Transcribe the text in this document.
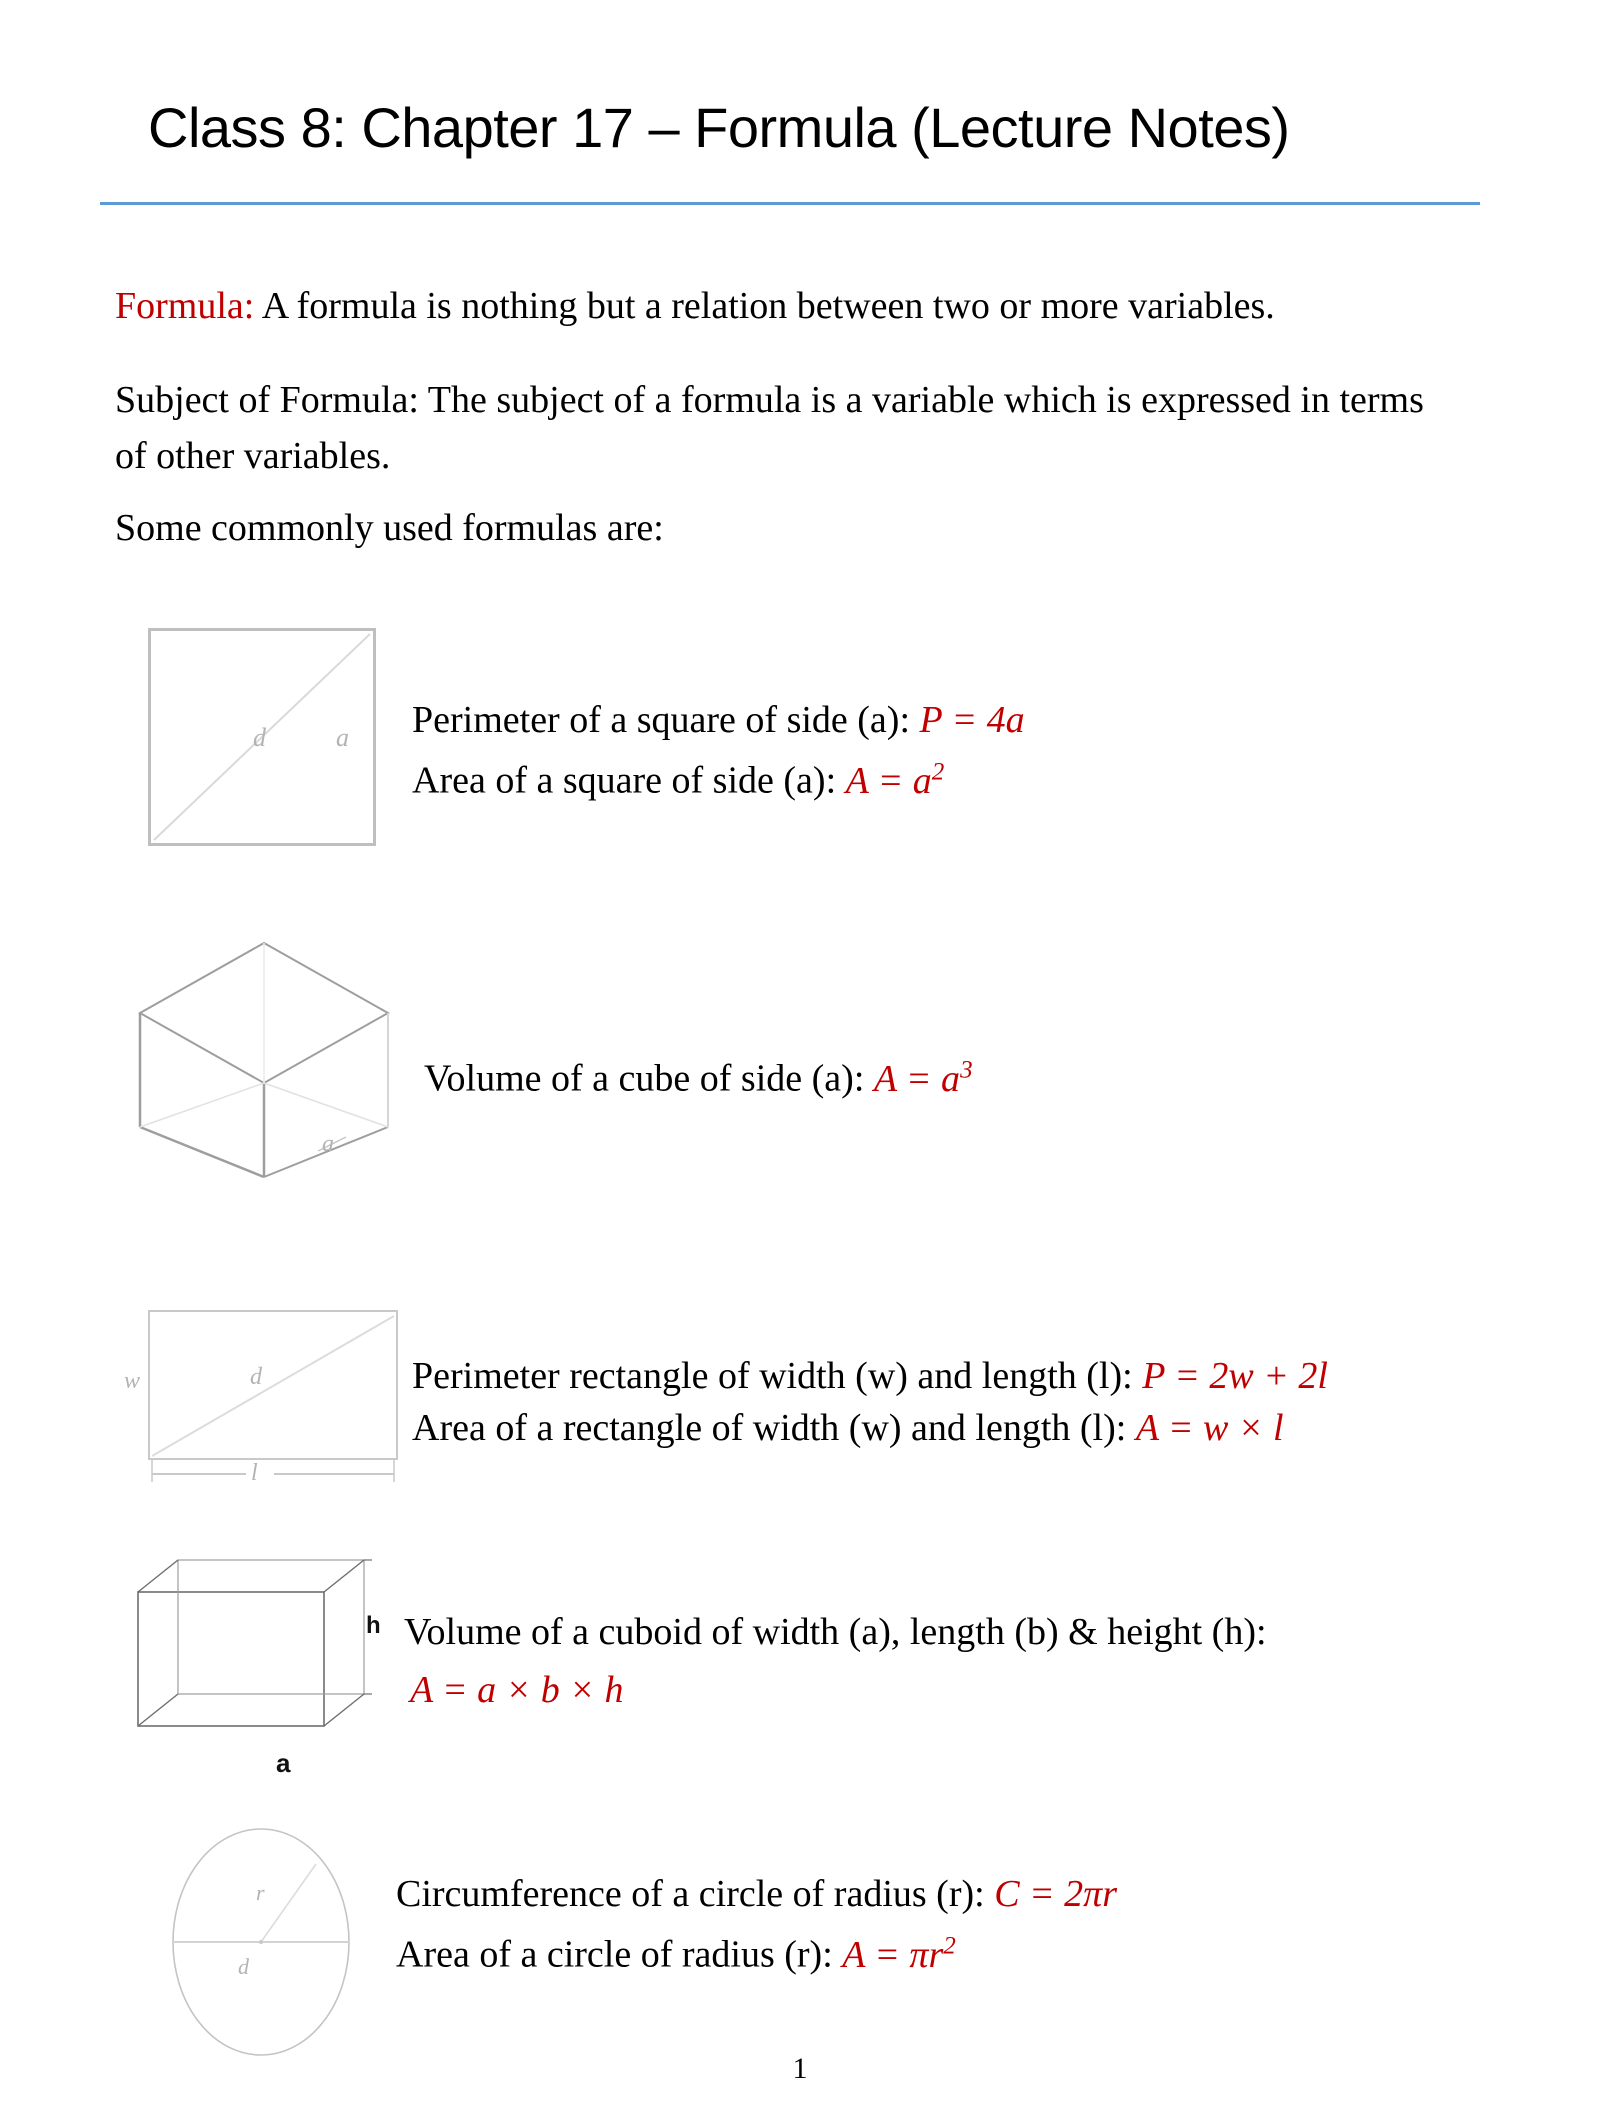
Class 8: Chapter 17 – Formula (Lecture Notes)
Formula: A formula is nothing but a relation between two or more variables.
Subject of Formula: The subject of a formula is a variable which is expressed in terms of other variables.
Some commonly used formulas are:
d	a Perimeter of a square of side (a): P = 4a
Area of a square of side (a): $A = a^2$
a
Volume of a cube of side (a): $A = a^3$
w	d
l
Perimeter rectangle of width (w) and length (l): P = 2w + 2l
Area of a rectangle of width (w) and length (l): A = w × l
h
a
Volume of a cuboid of width (a), length (b) & height (h):
A = a × b × h
r
d
Circumference of a circle of radius (r): C = 2πr
Area of a circle of radius (r): $A = \pi r^2$
1
